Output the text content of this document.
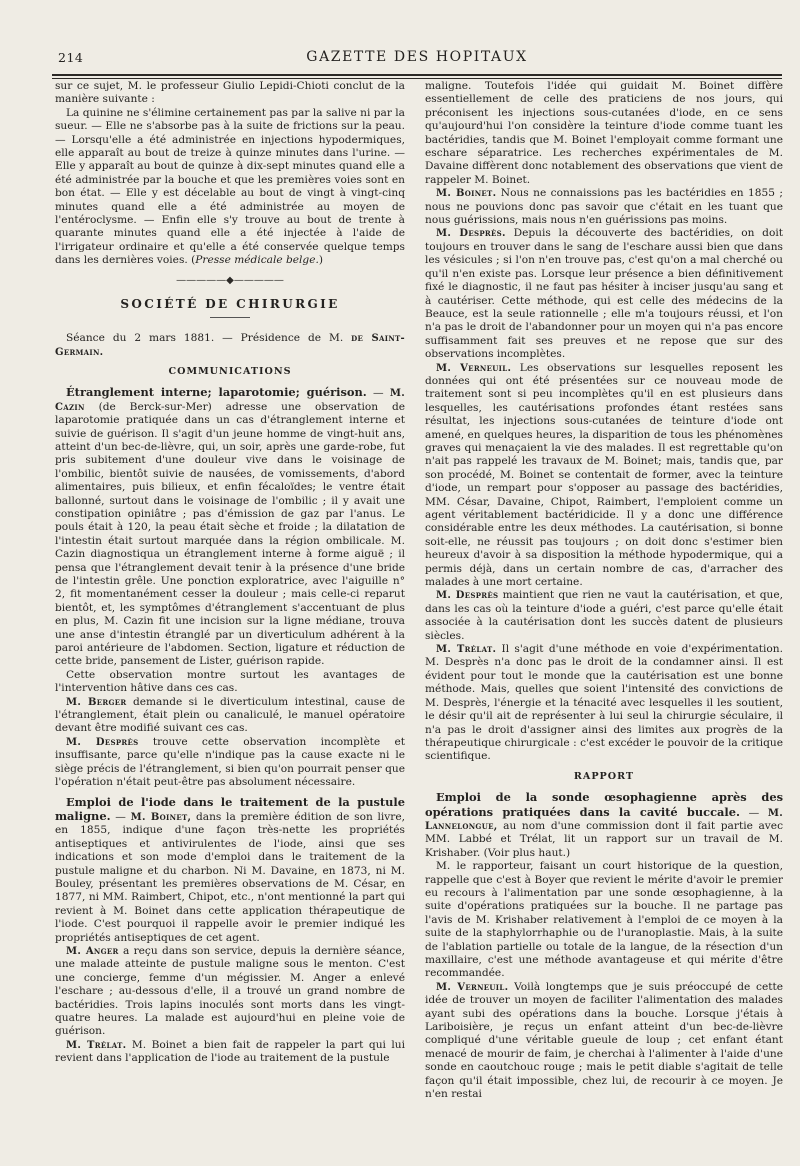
214	GAZETTE DES HOPITAUX

sur ce sujet, M. le professeur Giulio Lepidi-Chioti conclut de la manière suivante :

La quinine ne s'élimine certainement pas par la salive ni par la sueur. — Elle ne s'absorbe pas à la suite de frictions sur la peau. — Lorsqu'elle a été administrée en injections hypodermiques, elle apparaît au bout de treize à quinze minutes dans l'urine. — Elle y apparaît au bout de quinze à dix-sept minutes quand elle a été administrée par la bouche et que les premières voies sont en bon état. — Elle y est décelable au bout de vingt à vingt-cinq minutes quand elle a été administrée au moyen de l'entéroclysme. — Enfin elle s'y trouve au bout de trente à quarante minutes quand elle a été injectée à l'aide de l'irrigateur ordinaire et qu'elle a été conservée quelque temps dans les dernières voies. (Presse médicale belge.)

—————◆—————
SOCIÉTÉ DE CHIRURGIE

Séance du 2 mars 1881. — Présidence de M. de Saint-Germain.

COMMUNICATIONS

Étranglement interne; laparotomie; guérison. — M. Cazin (de Berck-sur-Mer) adresse une observation de laparotomie pratiquée dans un cas d'étranglement interne et suivie de guérison. Il s'agit d'un jeune homme de vingt-huit ans, atteint d'un bec-de-lièvre, qui, un soir, après une garde-robe, fut pris subitement d'une douleur vive dans le voisinage de l'ombilic, bientôt suivie de nausées, de vomissements, d'abord alimentaires, puis bilieux, et enfin fécaloïdes; le ventre était ballonné, surtout dans le voisinage de l'ombilic ; il y avait une constipation opiniâtre ; pas d'émission de gaz par l'anus. Le pouls était à 120, la peau était sèche et froide ; la dilatation de l'intestin était surtout marquée dans la région ombilicale. M. Cazin diagnostiqua un étranglement interne à forme aiguë ; il pensa que l'étranglement devait tenir à la présence d'une bride de l'intestin grêle. Une ponction exploratrice, avec l'aiguille n° 2, fit momentanément cesser la douleur ; mais celle-ci reparut bientôt, et, les symptômes d'étranglement s'accentuant de plus en plus, M. Cazin fit une incision sur la ligne médiane, trouva une anse d'intestin étranglé par un diverticulum adhérent à la paroi antérieure de l'abdomen. Section, ligature et réduction de cette bride, pansement de Lister, guérison rapide.

Cette observation montre surtout les avantages de l'intervention hâtive dans ces cas.

M. Berger demande si le diverticulum intestinal, cause de l'étranglement, était plein ou canaliculé, le manuel opératoire devant être modifié suivant ces cas.

M. Desprès trouve cette observation incomplète et insuffisante, parce qu'elle n'indique pas la cause exacte ni le siège précis de l'étranglement, si bien qu'on pourrait penser que l'opération n'était peut-être pas absolument nécessaire.

Emploi de l'iode dans le traitement de la pustule maligne. — M. Boinet, dans la première édition de son livre, en 1855, indique d'une façon très-nette les propriétés antiseptiques et antivirulentes de l'iode, ainsi que ses indications et son mode d'emploi dans le traitement de la pustule maligne et du charbon. Ni M. Davaine, en 1873, ni M. Bouley, présentant les premières observations de M. César, en 1877, ni MM. Raimbert, Chipot, etc., n'ont mentionné la part qui revient à M. Boinet dans cette application thérapeutique de l'iode. C'est pourquoi il rappelle avoir le premier indiqué les propriétés antiseptiques de cet agent.

M. Anger a reçu dans son service, depuis la dernière séance, une malade atteinte de pustule maligne sous le menton. C'est une concierge, femme d'un mégissier. M. Anger a enlevé l'eschare ; au-dessous d'elle, il a trouvé un grand nombre de bactéridies. Trois lapins inoculés sont morts dans les vingt-quatre heures. La malade est aujourd'hui en pleine voie de guérison.

M. Trélat. M. Boinet a bien fait de rappeler la part qui lui revient dans l'application de l'iode au traitement de la pustule

maligne. Toutefois l'idée qui guidait M. Boinet diffère essentiellement de celle des praticiens de nos jours, qui préconisent les injections sous-cutanées d'iode, en ce sens qu'aujourd'hui l'on considère la teinture d'iode comme tuant les bactéridies, tandis que M. Boinet l'employait comme formant une eschare séparatrice. Les recherches expérimentales de M. Davaine diffèrent donc notablement des observations que vient de rappeler M. Boinet.

M. Boinet. Nous ne connaissions pas les bactéridies en 1855 ; nous ne pouvions donc pas savoir que c'était en les tuant que nous guérissions, mais nous n'en guérissions pas moins.

M. Desprès. Depuis la découverte des bactéridies, on doit toujours en trouver dans le sang de l'eschare aussi bien que dans les vésicules ; si l'on n'en trouve pas, c'est qu'on a mal cherché ou qu'il n'en existe pas. Lorsque leur présence a bien définitivement fixé le diagnostic, il ne faut pas hésiter à inciser jusqu'au sang et à cautériser. Cette méthode, qui est celle des médecins de la Beauce, est la seule rationnelle ; elle m'a toujours réussi, et l'on n'a pas le droit de l'abandonner pour un moyen qui n'a pas encore suffisamment fait ses preuves et ne repose que sur des observations incomplètes.

M. Verneuil. Les observations sur lesquelles reposent les données qui ont été présentées sur ce nouveau mode de traitement sont si peu incomplètes qu'il en est plusieurs dans lesquelles, les cautérisations profondes étant restées sans résultat, les injections sous-cutanées de teinture d'iode ont amené, en quelques heures, la disparition de tous les phénomènes graves qui menaçaient la vie des malades. Il est regrettable qu'on n'ait pas rappelé les travaux de M. Boinet; mais, tandis que, par son procédé, M. Boinet se contentait de former, avec la teinture d'iode, un rempart pour s'opposer au passage des bactéridies, MM. César, Davaine, Chipot, Raimbert, l'emploient comme un agent véritablement bactéridicide. Il y a donc une différence considérable entre les deux méthodes. La cautérisation, si bonne soit-elle, ne réussit pas toujours ; on doit donc s'estimer bien heureux d'avoir à sa disposition la méthode hypodermique, qui a permis déjà, dans un certain nombre de cas, d'arracher des malades à une mort certaine.

M. Desprès maintient que rien ne vaut la cautérisation, et que, dans les cas où la teinture d'iode a guéri, c'est parce qu'elle était associée à la cautérisation dont les succès datent de plusieurs siècles.

M. Trélat. Il s'agit d'une méthode en voie d'expérimentation. M. Desprès n'a donc pas le droit de la condamner ainsi. Il est évident pour tout le monde que la cautérisation est une bonne méthode. Mais, quelles que soient l'intensité des convictions de M. Desprès, l'énergie et la ténacité avec lesquelles il les soutient, le désir qu'il ait de représenter à lui seul la chirurgie séculaire, il n'a pas le droit d'assigner ainsi des limites aux progrès de la thérapeutique chirurgicale : c'est excéder le pouvoir de la critique scientifique.

RAPPORT

Emploi de la sonde œsophagienne après des opérations pratiquées dans la cavité buccale. — M. Lannelongue, au nom d'une commission dont il fait partie avec MM. Labbé et Trélat, lit un rapport sur un travail de M. Krishaber. (Voir plus haut.)

M. le rapporteur, faisant un court historique de la question, rappelle que c'est à Boyer que revient le mérite d'avoir le premier eu recours à l'alimentation par une sonde œsophagienne, à la suite d'opérations pratiquées sur la bouche. Il ne partage pas l'avis de M. Krishaber relativement à l'emploi de ce moyen à la suite de la staphylorrhaphie ou de l'uranoplastie. Mais, à la suite de l'ablation partielle ou totale de la langue, de la résection d'un maxillaire, c'est une méthode avantageuse et qui mérite d'être recommandée.

M. Verneuil. Voilà longtemps que je suis préoccupé de cette idée de trouver un moyen de faciliter l'alimentation des malades ayant subi des opérations dans la bouche. Lorsque j'étais à Lariboisière, je reçus un enfant atteint d'un bec-de-lièvre compliqué d'une véritable gueule de loup ; cet enfant étant menacé de mourir de faim, je cherchai à l'alimenter à l'aide d'une sonde en caoutchouc rouge ; mais le petit diable s'agitait de telle façon qu'il était impossible, chez lui, de recourir à ce moyen. Je n'en restai
